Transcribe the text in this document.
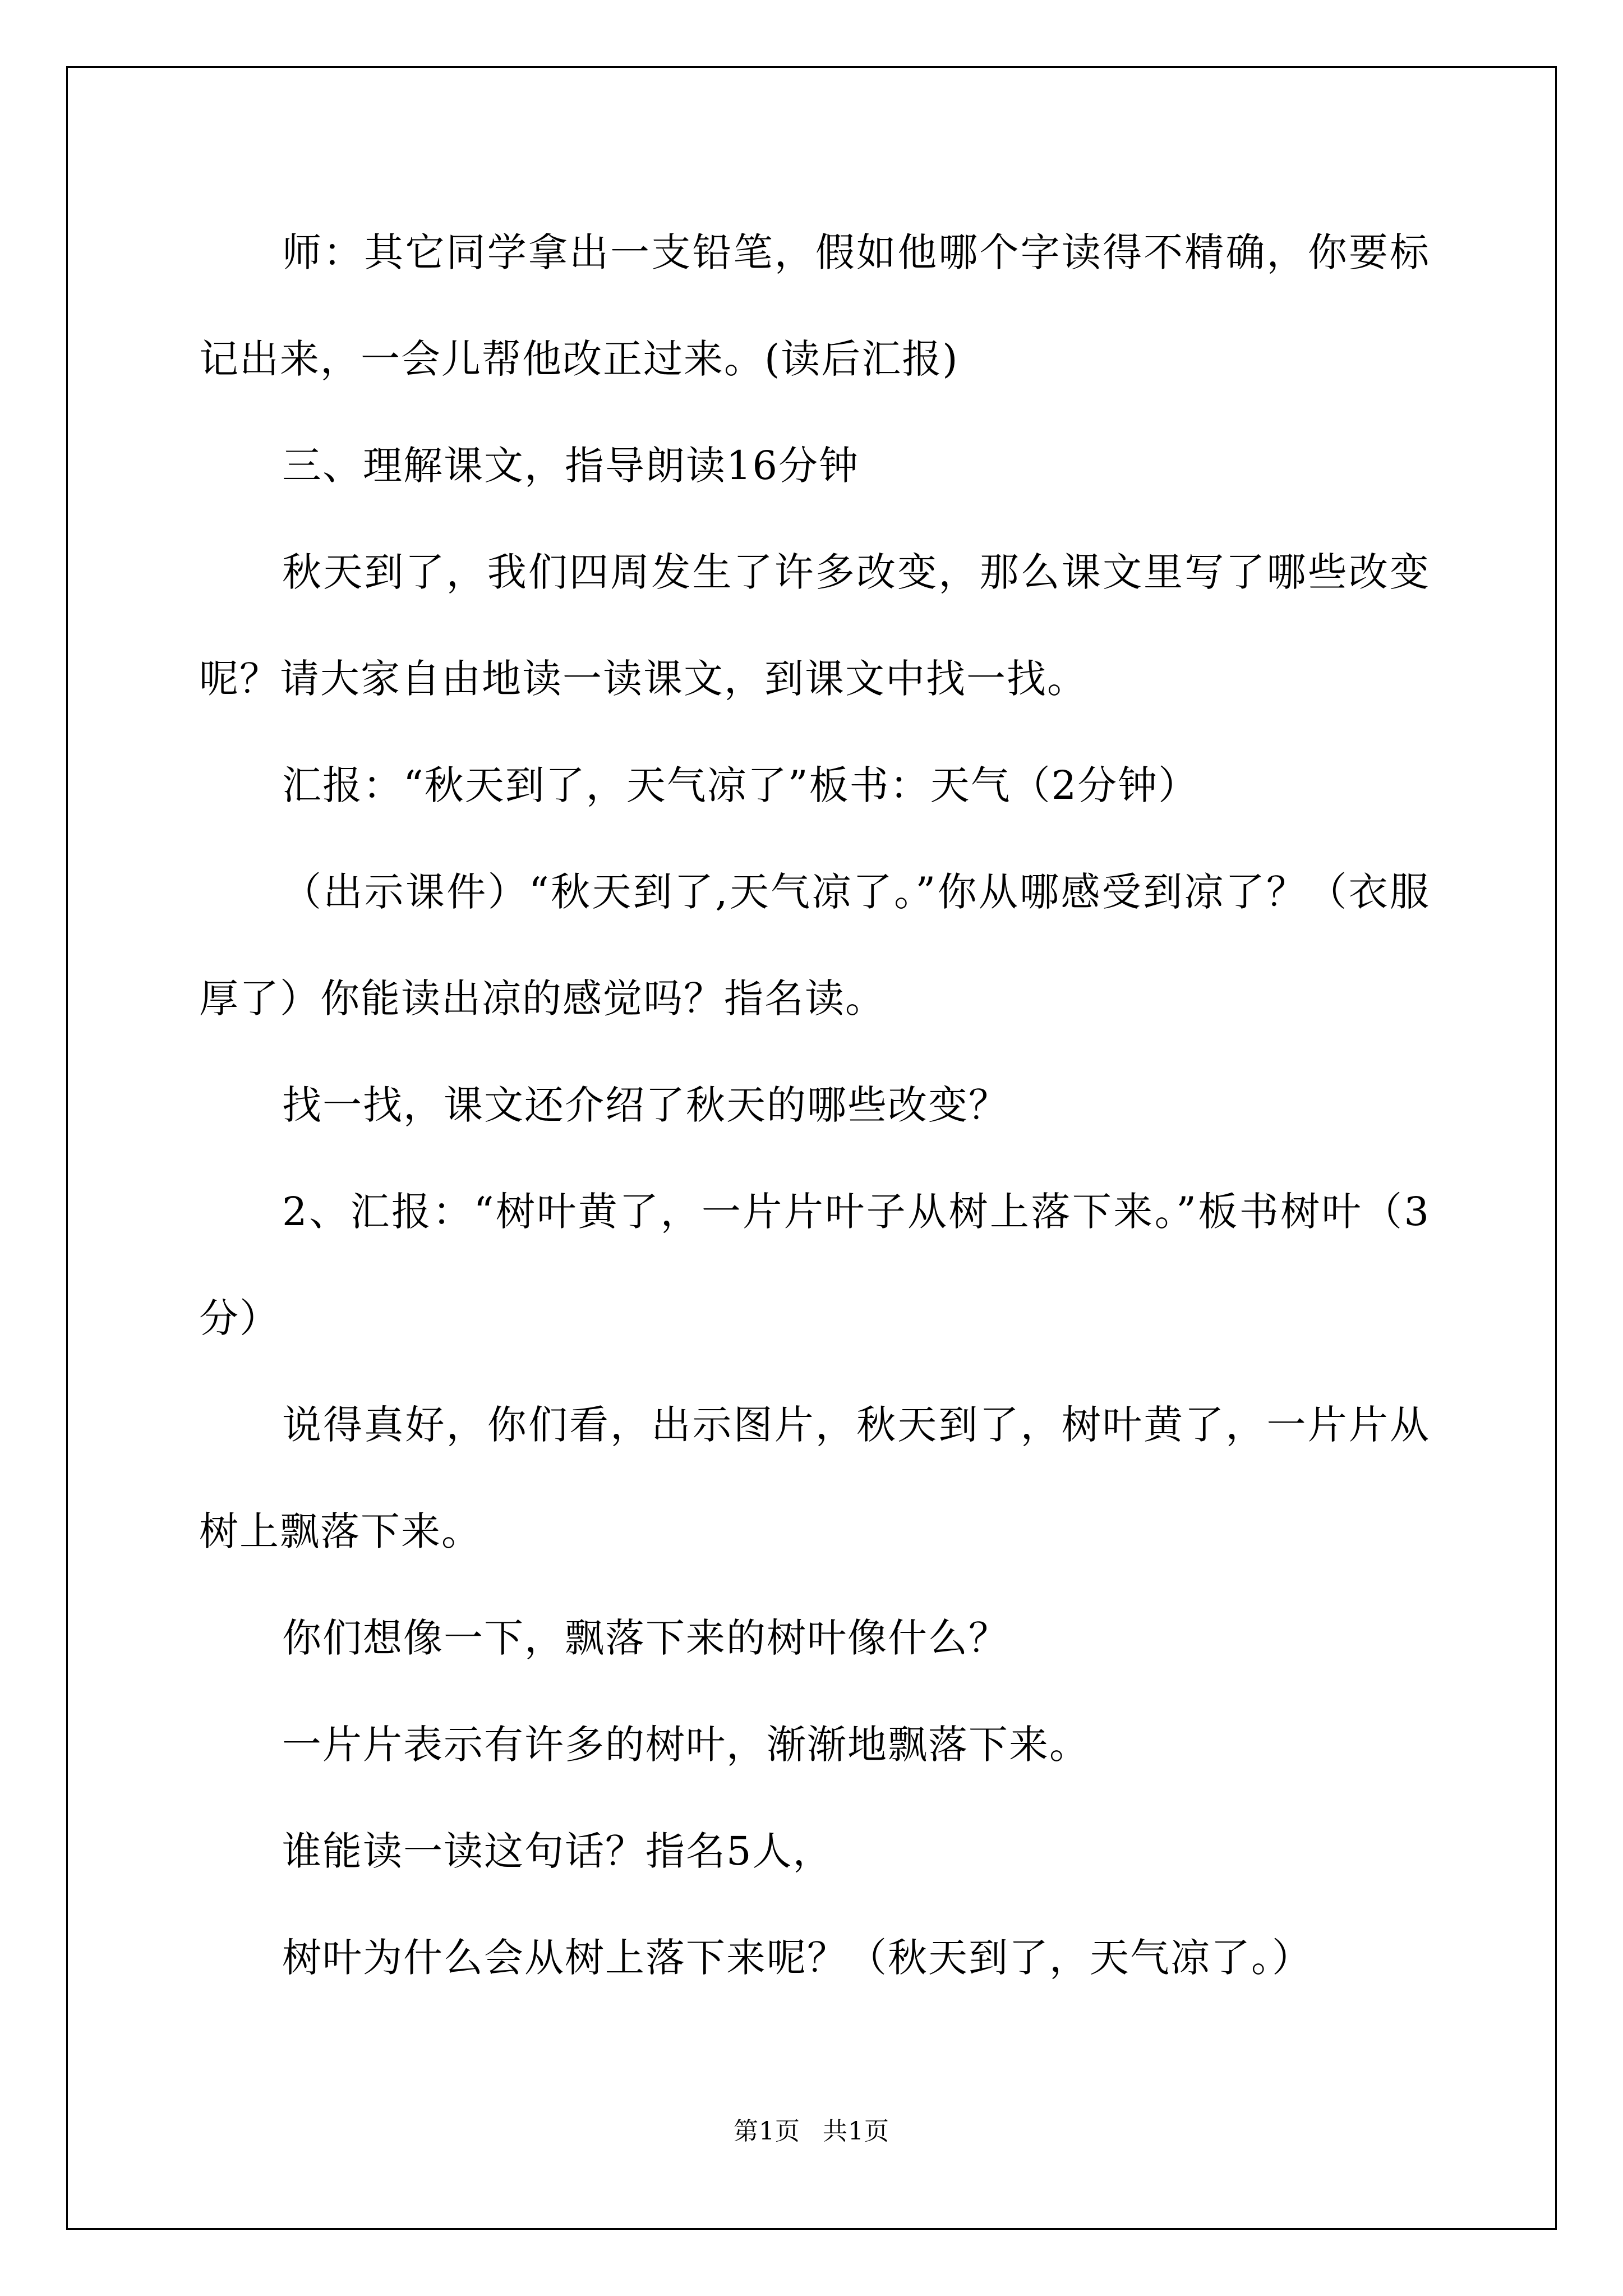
师：其它同学拿出一支铅笔，假如他哪个字读得不精确，你要标记出来，一会儿帮他改正过来。(读后汇报)

三、理解课文，指导朗读16分钟

秋天到了，我们四周发生了许多改变，那么课文里写了哪些改变呢？请大家自由地读一读课文，到课文中找一找。

汇报：“秋天到了，天气凉了”板书：天气（2分钟）

（出示课件）“秋天到了,天气凉了。”你从哪感受到凉了？（衣服厚了）你能读出凉的感觉吗？指名读。

找一找，课文还介绍了秋天的哪些改变？

2、汇报：“树叶黄了，一片片叶子从树上落下来。”板书树叶（3分）

说得真好，你们看，出示图片，秋天到了，树叶黄了，一片片从树上飘落下来。

你们想像一下，飘落下来的树叶像什么？

一片片表示有许多的树叶，渐渐地飘落下来。

谁能读一读这句话？指名5人，

树叶为什么会从树上落下来呢？（秋天到了，天气凉了。）

第1页 共1页
